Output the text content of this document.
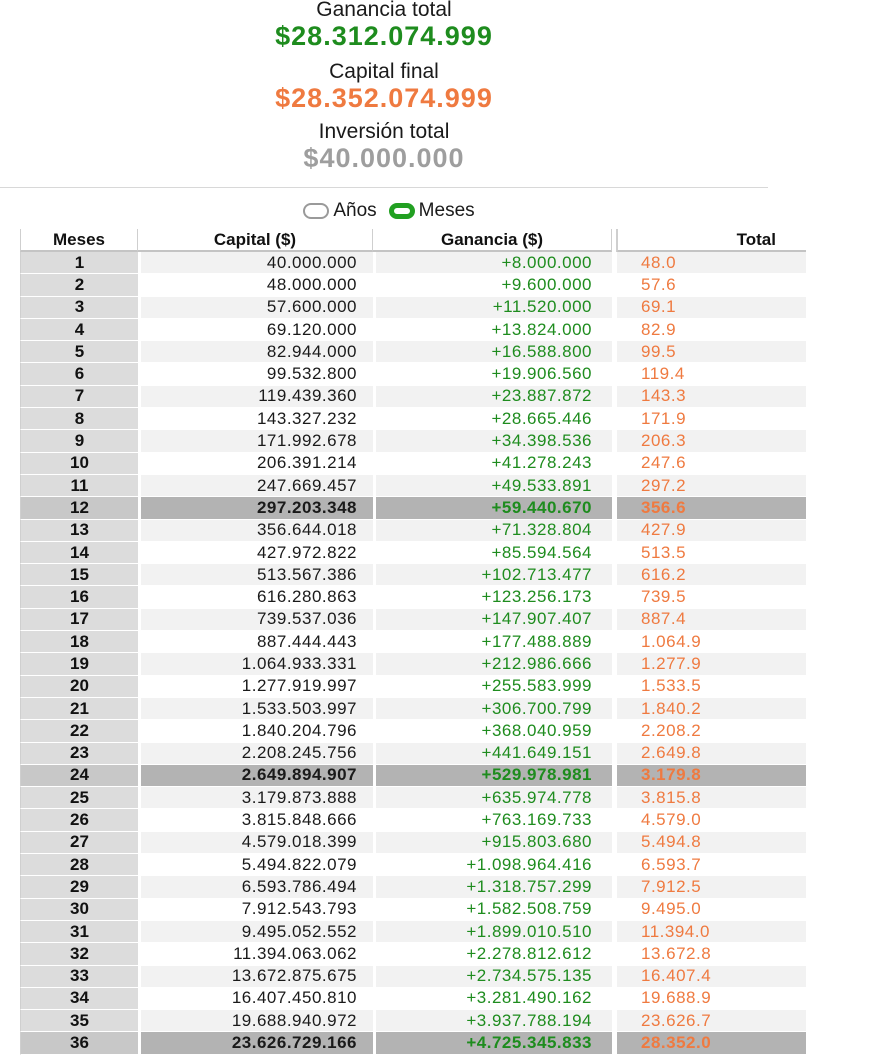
Ganancia total
$28.312.074.999
Capital final
$28.352.074.999
Inversión total
$40.000.000
Años Meses
Meses	Capital ($)	Ganancia ($)		Total
1	40.000.000	+8.000.000		48.0

2	48.000.000	+9.600.000		57.6

3	57.600.000	+11.520.000		69.1

4	69.120.000	+13.824.000		82.9

5	82.944.000	+16.588.800		99.5

6	99.532.800	+19.906.560		119.4

7	119.439.360	+23.887.872		143.3

8	143.327.232	+28.665.446		171.9

9	171.992.678	+34.398.536		206.3

10	206.391.214	+41.278.243		247.6

11	247.669.457	+49.533.891		297.2

12	297.203.348	+59.440.670		356.6

13	356.644.018	+71.328.804		427.9

14	427.972.822	+85.594.564		513.5

15	513.567.386	+102.713.477		616.2

16	616.280.863	+123.256.173		739.5

17	739.537.036	+147.907.407		887.4

18	887.444.443	+177.488.889		1.064.9

19	1.064.933.331	+212.986.666		1.277.9

20	1.277.919.997	+255.583.999		1.533.5

21	1.533.503.997	+306.700.799		1.840.2

22	1.840.204.796	+368.040.959		2.208.2

23	2.208.245.756	+441.649.151		2.649.8

24	2.649.894.907	+529.978.981		3.179.8

25	3.179.873.888	+635.974.778		3.815.8

26	3.815.848.666	+763.169.733		4.579.0

27	4.579.018.399	+915.803.680		5.494.8

28	5.494.822.079	+1.098.964.416		6.593.7

29	6.593.786.494	+1.318.757.299		7.912.5

30	7.912.543.793	+1.582.508.759		9.495.0

31	9.495.052.552	+1.899.010.510		11.394.0

32	11.394.063.062	+2.278.812.612		13.672.8

33	13.672.875.675	+2.734.575.135		16.407.4

34	16.407.450.810	+3.281.490.162		19.688.9

35	19.688.940.972	+3.937.788.194		23.626.7

36	23.626.729.166	+4.725.345.833		28.352.0
